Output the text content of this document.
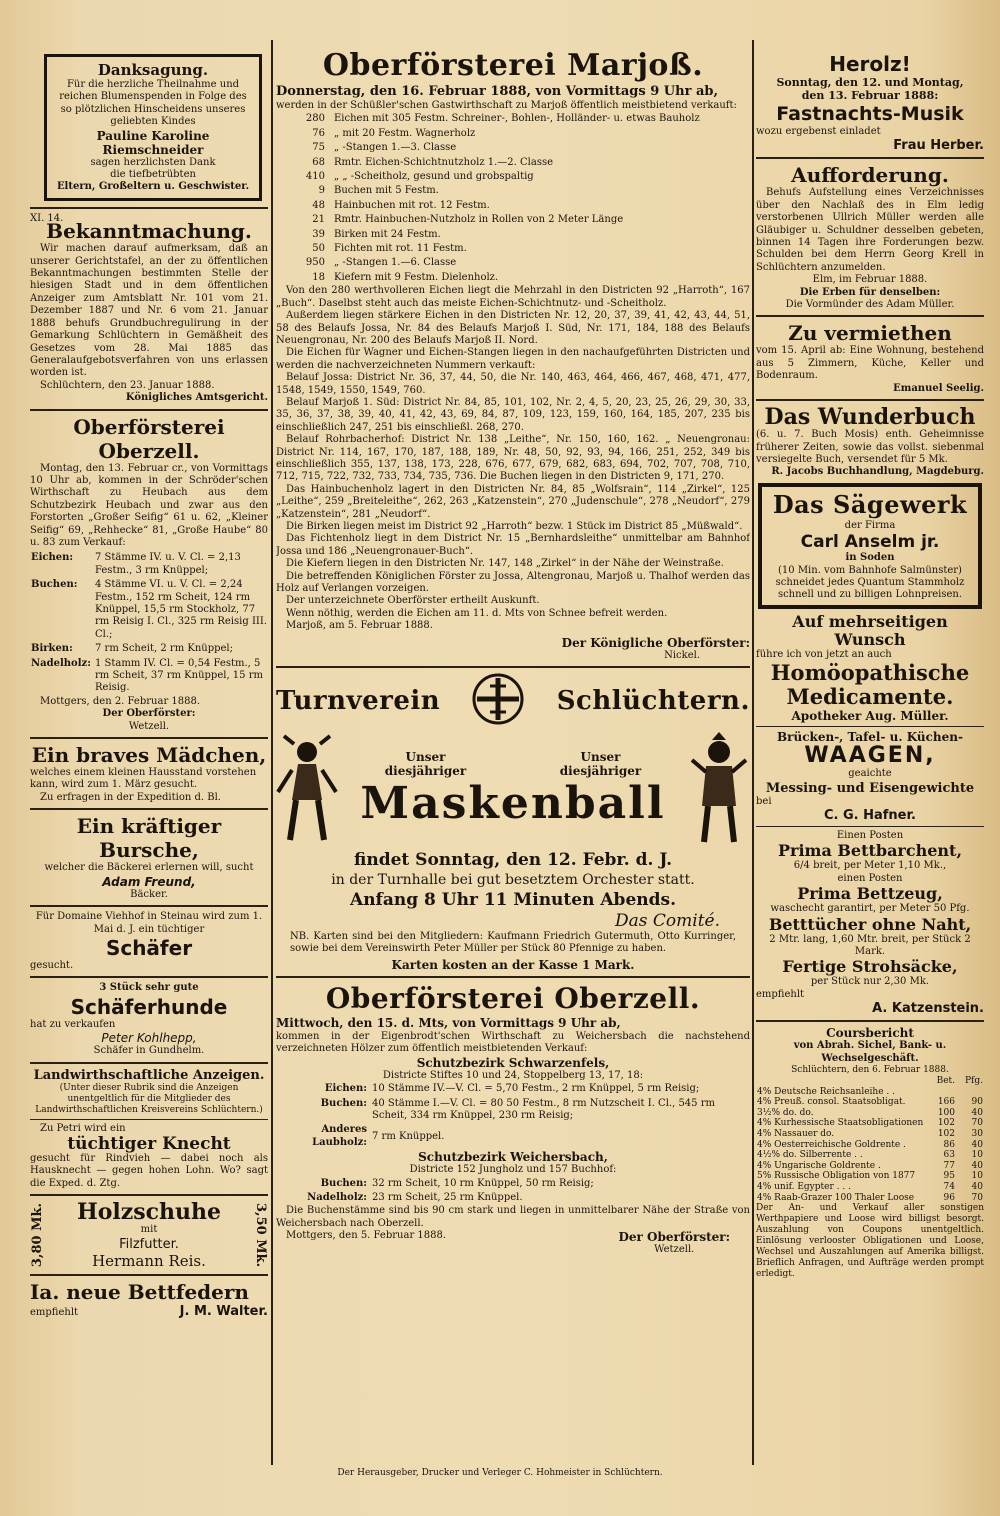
Danksagung.
Für die herzliche Theilnahme und
reichen Blumenspenden in Folge des
so plötzlichen Hinscheidens unseres
geliebten Kindes
Pauline Karoline Riemschneider
sagen herzlichsten Dank
die tiefbetrübten
Eltern, Großeltern u. Geschwister.
XI. 14.
Bekanntmachung.
Wir machen darauf aufmerksam, daß an unserer Gerichtstafel, an der zu öffentlichen Bekanntmachungen bestimmten Stelle der hiesigen Stadt und in dem öffentlichen Anzeiger zum Amtsblatt Nr. 101 vom 21. Dezember 1887 und Nr. 6 vom 21. Januar 1888 behufs Grundbuchregulirung in der Gemarkung Schlüchtern in Gemäßheit des Gesetzes vom 28. Mai 1885 das Generalaufgebotsverfahren von uns erlassen worden ist.
Schlüchtern, den 23. Januar 1888.
Königliches Amtsgericht.
Oberförsterei Oberzell.
Montag, den 13. Februar cr., von Vormittags 10 Uhr ab, kommen in der Schröder'schen Wirthschaft zu Heubach aus dem Schutzbezirk Heubach und zwar aus den Forstorten „Großer Seifig“ 61 u. 62, „Kleiner Seifig“ 69, „Rehhecke“ 81, „Große Haube“ 80 u. 83 zum Verkauf:
Eichen:	7 Stämme IV. u. V. Cl. = 2,13 Festm., 3 rm Knüppel;
Buchen:	4 Stämme VI. u. V. Cl. = 2,24 Festm., 152 rm Scheit, 124 rm Knüppel, 15,5 rm Stockholz, 77 rm Reisig I. Cl., 325 rm Reisig III. Cl.;
Birken:	7 rm Scheit, 2 rm Knüppel;
Nadelholz:	1 Stamm IV. Cl. = 0,54 Festm., 5 rm Scheit, 37 rm Knüppel, 15 rm Reisig.
Mottgers, den 2. Februar 1888.
Der Oberförster:
Wetzell.
Ein braves Mädchen,
welches einem kleinen Hausstand vorstehen kann, wird zum 1. März gesucht.
Zu erfragen in der Expedition d. Bl.
Ein kräftiger Bursche,
welcher die Bäckerei erlernen will, sucht
Adam Freund,
Bäcker.
Für Domaine Viehhof in Steinau wird zum 1. Mai d. J. ein tüchtiger
Schäfer
gesucht.
3 Stück sehr gute
Schäferhunde
hat zu verkaufen
Peter Kohlhepp,
Schäfer in Gundhelm.
Landwirthschaftliche Anzeigen.
(Unter dieser Rubrik sind die Anzeigen unentgeltlich für die Mitglieder des Landwirthschaftlichen Kreisvereins Schlüchtern.)
Zu Petri wird ein
tüchtiger Knecht
gesucht für Rindvieh — dabei noch als Hausknecht — gegen hohen Lohn. Wo? sagt die Exped. d. Ztg.
3,80 Mk.	Holzschuhe
mit
Filzfutter.
Hermann Reis.	3,50 Mk.
Ia. neue Bettfedern
empfiehlt	J. M. Walter.
Oberförsterei Marjoß.
Donnerstag, den 16. Februar 1888, von Vormittags 9 Uhr ab,
werden in der Schüßler'schen Gastwirthschaft zu Marjoß öffentlich meistbietend verkauft:
280	Eichen mit 305 Festm. Schreiner-, Bohlen-, Holländer- u. etwas Bauholz
76	„ mit 20 Festm. Wagnerholz
75	„ -Stangen 1.—3. Classe
68	Rmtr. Eichen-Schichtnutzholz 1.—2. Classe
410	„ „ -Scheitholz, gesund und grobspaltig
9	Buchen mit 5 Festm.
48	Hainbuchen mit rot. 12 Festm.
21	Rmtr. Hainbuchen-Nutzholz in Rollen von 2 Meter Länge
39	Birken mit 24 Festm.
50	Fichten mit rot. 11 Festm.
950	„ -Stangen 1.—6. Classe
18	Kiefern mit 9 Festm. Dielenholz.
Von den 280 werthvolleren Eichen liegt die Mehrzahl in den Districten 92 „Harroth“, 167 „Buch“. Daselbst steht auch das meiste Eichen-Schichtnutz- und -Scheitholz.
Außerdem liegen stärkere Eichen in den Districten Nr. 12, 20, 37, 39, 41, 42, 43, 44, 51, 58 des Belaufs Jossa, Nr. 84 des Belaufs Marjoß I. Süd, Nr. 171, 184, 188 des Belaufs Neuengronau, Nr. 200 des Belaufs Marjoß II. Nord.
Die Eichen für Wagner und Eichen-Stangen liegen in den nachaufgeführten Districten und werden die nachverzeichneten Nummern verkauft:
Belauf Jossa: District Nr. 36, 37, 44, 50, die Nr. 140, 463, 464, 466, 467, 468, 471, 477, 1548, 1549, 1550, 1549, 760.
Belauf Marjoß 1. Süd: District Nr. 84, 85, 101, 102, Nr. 2, 4, 5, 20, 23, 25, 26, 29, 30, 33, 35, 36, 37, 38, 39, 40, 41, 42, 43, 69, 84, 87, 109, 123, 159, 160, 164, 185, 207, 235 bis einschließlich 247, 251 bis einschließl. 268, 270.
Belauf Rohrbacherhof: District Nr. 138 „Leithe“, Nr. 150, 160, 162. „ Neuengronau: District Nr. 114, 167, 170, 187, 188, 189, Nr. 48, 50, 92, 93, 94, 166, 251, 252, 349 bis einschließlich 355, 137, 138, 173, 228, 676, 677, 679, 682, 683, 694, 702, 707, 708, 710, 712, 715, 722, 732, 733, 734, 735, 736. Die Buchen liegen in den Districten 9, 171, 270.
Das Hainbuchenholz lagert in den Districten Nr. 84, 85 „Wolfsrain“, 114 „Zirkel“, 125 „Leithe“, 259 „Breiteleithe“, 262, 263 „Katzenstein“, 270 „Judenschule“, 278 „Neudorf“, 279 „Katzenstein“, 281 „Neudorf“.
Die Birken liegen meist im District 92 „Harroth“ bezw. 1 Stück im District 85 „Müßwald“.
Das Fichtenholz liegt in dem District Nr. 15 „Bernhardsleithe“ unmittelbar am Bahnhof Jossa und 186 „Neuengronauer-Buch“.
Die Kiefern liegen in den Districten Nr. 147, 148 „Zirkel“ in der Nähe der Weinstraße.
Die betreffenden Königlichen Förster zu Jossa, Altengronau, Marjoß u. Thalhof werden das Holz auf Verlangen vorzeigen.
Der unterzeichnete Oberförster ertheilt Auskunft.
Wenn nöthig, werden die Eichen am 11. d. Mts von Schnee befreit werden.
Marjoß, am 5. Februar 1888.
Der Königliche Oberförster:
Nickel.
Turnverein	Schlüchtern.
Unser
diesjähriger
Unser
diesjähriger
Maskenball
findet Sonntag, den 12. Febr. d. J.
in der Turnhalle bei gut besetztem Orchester statt.
Anfang 8 Uhr 11 Minuten Abends.
Das Comité.
NB. Karten sind bei den Mitgliedern: Kaufmann Friedrich Gutermuth, Otto Kurringer, sowie bei dem Vereinswirth Peter Müller per Stück 80 Pfennige zu haben.
Karten kosten an der Kasse 1 Mark.
Oberförsterei Oberzell.
Mittwoch, den 15. d. Mts, von Vormittags 9 Uhr ab,
kommen in der Eigenbrodt'schen Wirthschaft zu Weichersbach die nachstehend verzeichneten Hölzer zum öffentlich meistbietenden Verkauf:
Schutzbezirk Schwarzenfels,
Districte Stiftes 10 und 24, Stoppelberg 13, 17, 18:
Eichen:	10 Stämme IV.—V. Cl. = 5,70 Festm., 2 rm Knüppel, 5 rm Reisig;
Buchen:	40 Stämme I.—V. Cl. = 80 50 Festm., 8 rm Nutzscheit I. Cl., 545 rm Scheit, 334 rm Knüppel, 230 rm Reisig;
Anderes Laubholz:	7 rm Knüppel.
Schutzbezirk Weichersbach,
Districte 152 Jungholz und 157 Buchhof:
Buchen:	32 rm Scheit, 10 rm Knüppel, 50 rm Reisig;
Nadelholz:	23 rm Scheit, 25 rm Knüppel.
Die Buchenstämme sind bis 90 cm stark und liegen in unmittelbarer Nähe der Straße von Weichersbach nach Oberzell.
Mottgers, den 5. Februar 1888.	Der Oberförster:
Wetzell.
Herolz!
Sonntag, den 12. und Montag,
den 13. Februar 1888:
Fastnachts-Musik
wozu ergebenst einladet
Frau Herber.
Aufforderung.
Behufs Aufstellung eines Verzeichnisses über den Nachlaß des in Elm ledig verstorbenen Ullrich Müller werden alle Gläubiger u. Schuldner desselben gebeten, binnen 14 Tagen ihre Forderungen bezw. Schulden bei dem Herrn Georg Krell in Schlüchtern anzumelden.
Elm, im Februar 1888.
Die Erben für denselben:
Die Vormünder des Adam Müller.
Zu vermiethen
vom 15. April ab: Eine Wohnung, bestehend aus 5 Zimmern, Küche, Keller und Bodenraum.
Emanuel Seelig.
Das Wunderbuch
(6. u. 7. Buch Mosis) enth. Geheimnisse früherer Zeiten, sowie das vollst. siebenmal versiegelte Buch, versendet für 5 Mk.
R. Jacobs Buchhandlung, Magdeburg.
Das Sägewerk
der Firma
Carl Anselm jr.
in Soden
(10 Min. vom Bahnhofe Salmünster) schneidet jedes Quantum Stammholz schnell und zu billigen Lohnpreisen.
Auf mehrseitigen Wunsch
führe ich von jetzt an auch
Homöopathische
Medicamente.
Apotheker Aug. Müller.
Brücken-, Tafel- u. Küchen-
WAAGEN,
geaichte
Messing- und Eisengewichte
bei
C. G. Hafner.
Einen Posten
Prima Bettbarchent,
6/4 breit, per Meter 1,10 Mk.,
einen Posten
Prima Bettzeug,
waschecht garantirt, per Meter 50 Pfg.
Betttücher ohne Naht,
2 Mtr. lang, 1,60 Mtr. breit, per Stück 2 Mark.
Fertige Strohsäcke,
per Stück nur 2,30 Mk.
empfiehlt
A. Katzenstein.
Coursbericht
von Abrah. Sichel, Bank- u. Wechselgeschäft.
Schlüchtern, den 6. Februar 1888.
	Bet.	Pfg.
4% Deutsche Reichsanleihe . .		
4% Preuß. consol. Staatsobligat.	166	90
3½% do. do.	100	40
4% Kurhessische Staatsobligationen	102	70
4% Nassauer do.	102	30
4% Oesterreichische Goldrente .	86	40
4½% do. Silberrente . .	63	10
4% Ungarische Goldrente .	77	40
5% Russische Obligation von 1877	95	10
4% unif. Egypter . . .	74	40
4% Raab-Grazer 100 Thaler Loose	96	70
Der An- und Verkauf aller sonstigen Werthpapiere und Loose wird billigst besorgt. Auszahlung von Coupons unentgeltlich. Einlösung verlooster Obligationen und Loose, Wechsel und Auszahlungen auf Amerika billigst. Brieflich Anfragen, und Aufträge werden prompt erledigt.
Der Herausgeber, Drucker und Verleger C. Hohmeister in Schlüchtern.
